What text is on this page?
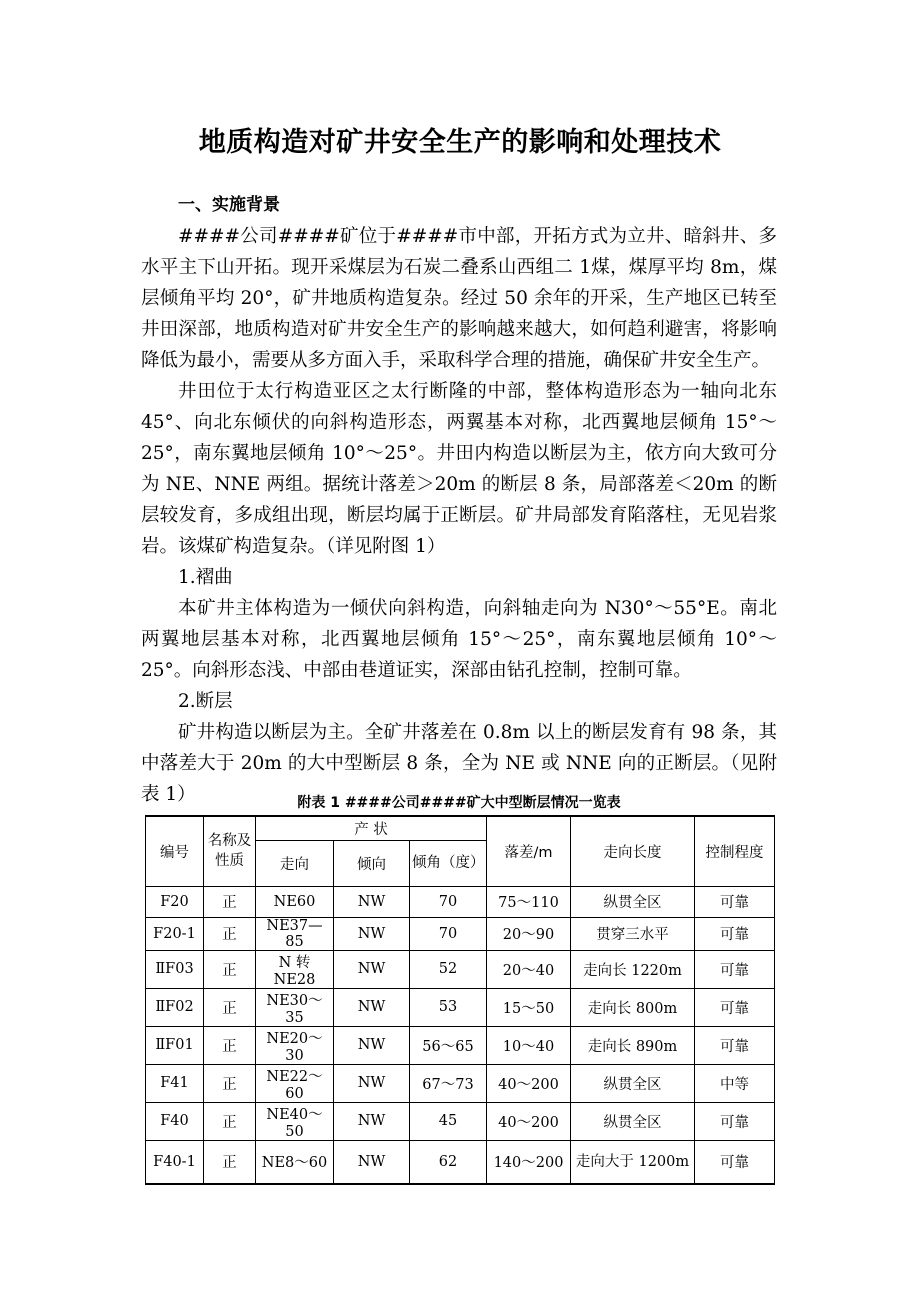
地质构造对矿井安全生产的影响和处理技术
一、实施背景

####公司####矿位于####市中部，开拓方式为立井、暗斜井、多水平主下山开拓。现开采煤层为石炭二叠系山西组二 1煤，煤厚平均 8m，煤层倾角平均 20°，矿井地质构造复杂。经过 50 余年的开采，生产地区已转至井田深部，地质构造对矿井安全生产的影响越来越大，如何趋利避害，将影响降低为最小，需要从多方面入手，采取科学合理的措施，确保矿井安全生产。

井田位于太行构造亚区之太行断隆的中部，整体构造形态为一轴向北东 45°、向北东倾伏的向斜构造形态，两翼基本对称，北西翼地层倾角 15°～25°，南东翼地层倾角 10°～25°。井田内构造以断层为主，依方向大致可分为 NE、NNE 两组。据统计落差＞20m 的断层 8 条，局部落差＜20m 的断层较发育，多成组出现，断层均属于正断层。矿井局部发育陷落柱，无见岩浆岩。该煤矿构造复杂。（详见附图 1）

1.褶曲

本矿井主体构造为一倾伏向斜构造，向斜轴走向为 N30°～55°E。南北两翼地层基本对称，北西翼地层倾角 15°～25°，南东翼地层倾角 10°～25°。向斜形态浅、中部由巷道证实，深部由钻孔控制，控制可靠。

2.断层

矿井构造以断层为主。全矿井落差在 0.8m 以上的断层发育有 98 条，其中落差大于 20m 的大中型断层 8 条，全为 NE 或 NNE 向的正断层。（见附表 1）	附表 1 ####公司####矿大中型断层情况一览表
编号	名称及性质	产 状			落差/m	走向长度	控制程度
		走向	倾向	倾角（度）			
F20	正	NE60	NW	70	75～110	纵贯全区	可靠
F20-1	正	NE37—85	NW	70	20～90	贯穿三水平	可靠
ⅡF03	正	N 转 NE28	NW	52	20～40	走向长 1220m	可靠
ⅡF02	正	NE30～35	NW	53	15～50	走向长 800m	可靠
ⅡF01	正	NE20～30	NW	56～65	10～40	走向长 890m	可靠
F41	正	NE22～60	NW	67～73	40～200	纵贯全区	中等
F40	正	NE40～50	NW	45	40～200	纵贯全区	可靠
F40-1	正	NE8～60	NW	62	140～200	走向大于 1200m	可靠
